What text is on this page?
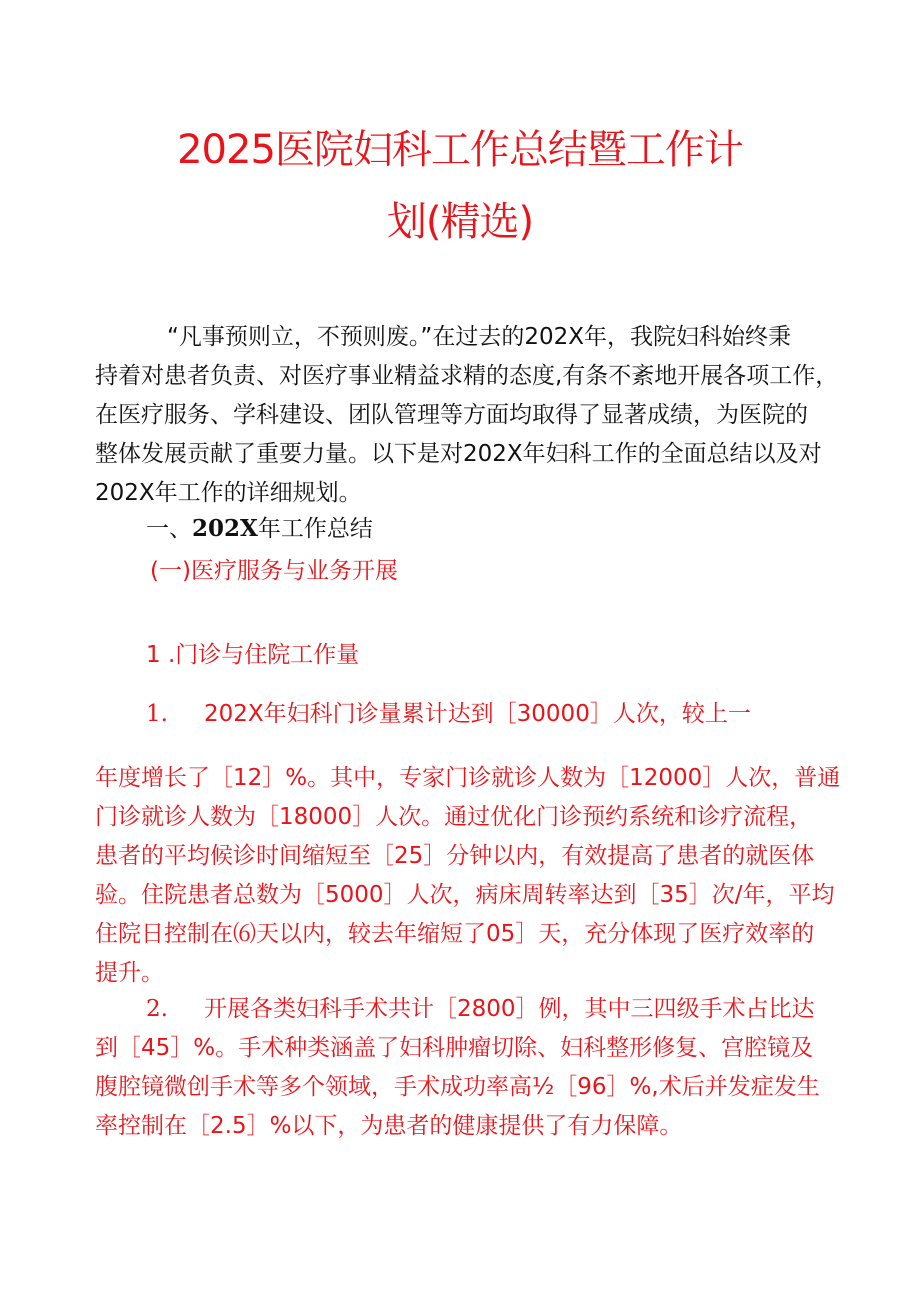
2025医院妇科工作总结暨工作计
划(精选)

“凡事预则立，不预则废。”在过去的202X年，我院妇科始终秉
持着对患者负责、对医疗事业精益求精的态度,有条不紊地开展各项工作，
在医疗服务、学科建设、团队管理等方面均取得了显著成绩，为医院的
整体发展贡献了重要力量。以下是对202X年妇科工作的全面总结以及对
202X年工作的详细规划。

一、202X年工作总结

(一)医疗服务与业务开展

1 .门诊与住院工作量

1. 202X年妇科门诊量累计达到［30000］人次，较上一

年度增长了［12］%。其中，专家门诊就诊人数为［12000］人次，普通
门诊就诊人数为［18000］人次。通过优化门诊预约系统和诊疗流程，
患者的平均候诊时间缩短至［25］分钟以内，有效提高了患者的就医体
验。住院患者总数为［5000］人次，病床周转率达到［35］次/年，平均
住院日控制在⑹天以内，较去年缩短了05］天，充分体现了医疗效率的
提升。

2. 开展各类妇科手术共计［2800］例，其中三四级手术占比达
到［45］%。手术种类涵盖了妇科肿瘤切除、妇科整形修复、宫腔镜及
腹腔镜微创手术等多个领域，手术成功率高½［96］%,术后并发症发生
率控制在［2.5］%以下，为患者的健康提供了有力保障。
